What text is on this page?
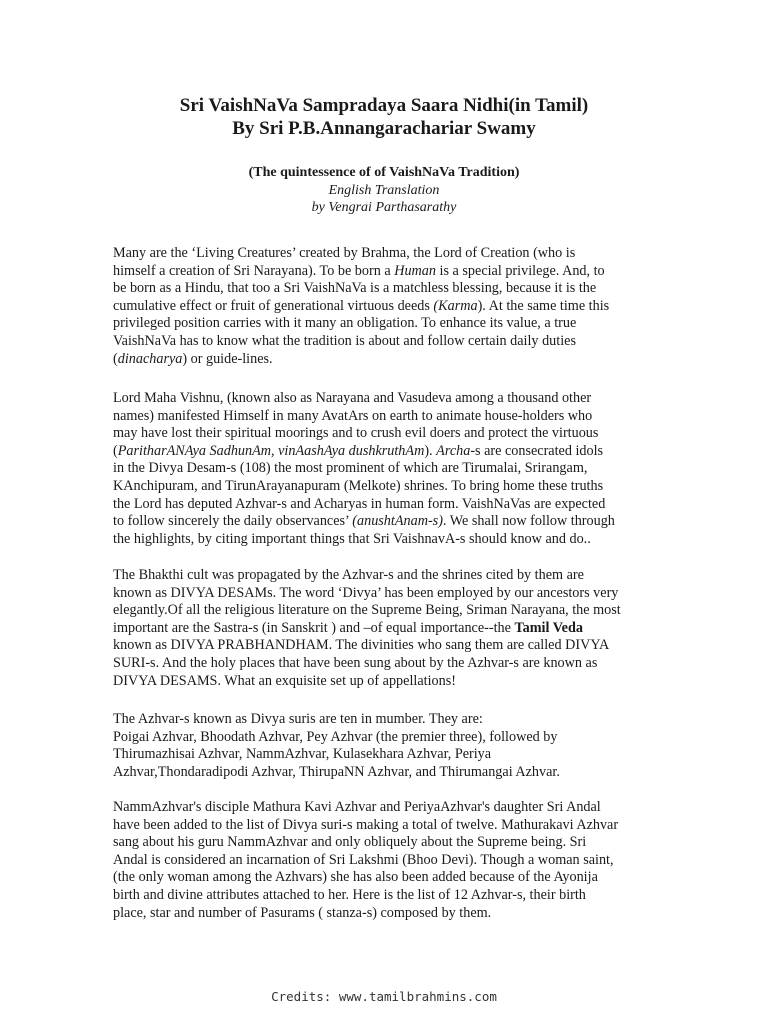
Sri VaishNaVa Sampradaya Saara Nidhi(in Tamil)
By Sri P.B.Annangarachariar Swamy
(The quintessence of of VaishNaVa Tradition)
English Translation
by Vengrai Parthasarathy
Many are the ‘Living Creatures’ created by Brahma, the Lord of Creation (who is
himself a creation of Sri Narayana). To be born a Human is a special privilege. And, to
be born as a Hindu, that too a Sri VaishNaVa is a matchless blessing, because it is the
cumulative effect or fruit of generational virtuous deeds (Karma). At the same time this
privileged position carries with it many an obligation. To enhance its value, a true
VaishNaVa has to know what the tradition is about and follow certain daily duties
(dinacharya) or guide-lines.
Lord Maha Vishnu, (known also as Narayana and Vasudeva among a thousand other
names) manifested Himself in many AvatArs on earth to animate house-holders who
may have lost their spiritual moorings and to crush evil doers and protect the virtuous
(ParitharANAya SadhunAm, vinAashAya dushkruthAm). Archa-s are consecrated idols
in the Divya Desam-s (108) the most prominent of which are Tirumalai, Srirangam,
KAnchipuram, and TirunArayanapuram (Melkote) shrines. To bring home these truths
the Lord has deputed Azhvar-s and Acharyas in human form. VaishNaVas are expected
to follow sincerely the daily observances’ (anushtAnam-s). We shall now follow through
the highlights, by citing important things that Sri VaishnavA-s should know and do..
The Bhakthi cult was propagated by the Azhvar-s and the shrines cited by them are
known as DIVYA DESAMs. The word ‘Divya’ has been employed by our ancestors very
elegantly.Of all the religious literature on the Supreme Being, Sriman Narayana, the most
important are the Sastra-s (in Sanskrit ) and –of equal importance--the Tamil Veda
known as DIVYA PRABHANDHAM. The divinities who sang them are called DIVYA
SURI-s. And the holy places that have been sung about by the Azhvar-s are known as
DIVYA DESAMS. What an exquisite set up of appellations!
The Azhvar-s known as Divya suris are ten in mumber. They are:
Poigai Azhvar, Bhoodath Azhvar, Pey Azhvar (the premier three), followed by
Thirumazhisai Azhvar, NammAzhvar, Kulasekhara Azhvar, Periya
Azhvar,Thondaradipodi Azhvar, ThirupaNN Azhvar, and Thirumangai Azhvar.
NammAzhvar's disciple Mathura Kavi Azhvar and PeriyaAzhvar's daughter Sri Andal
have been added to the list of Divya suri-s making a total of twelve. Mathurakavi Azhvar
sang about his guru NammAzhvar and only obliquely about the Supreme being. Sri
Andal is considered an incarnation of Sri Lakshmi (Bhoo Devi). Though a woman saint,
(the only woman among the Azhvars) she has also been added because of the Ayonija
birth and divine attributes attached to her. Here is the list of 12 Azhvar-s, their birth
place, star and number of Pasurams ( stanza-s) composed by them.
Credits: www.tamilbrahmins.com
